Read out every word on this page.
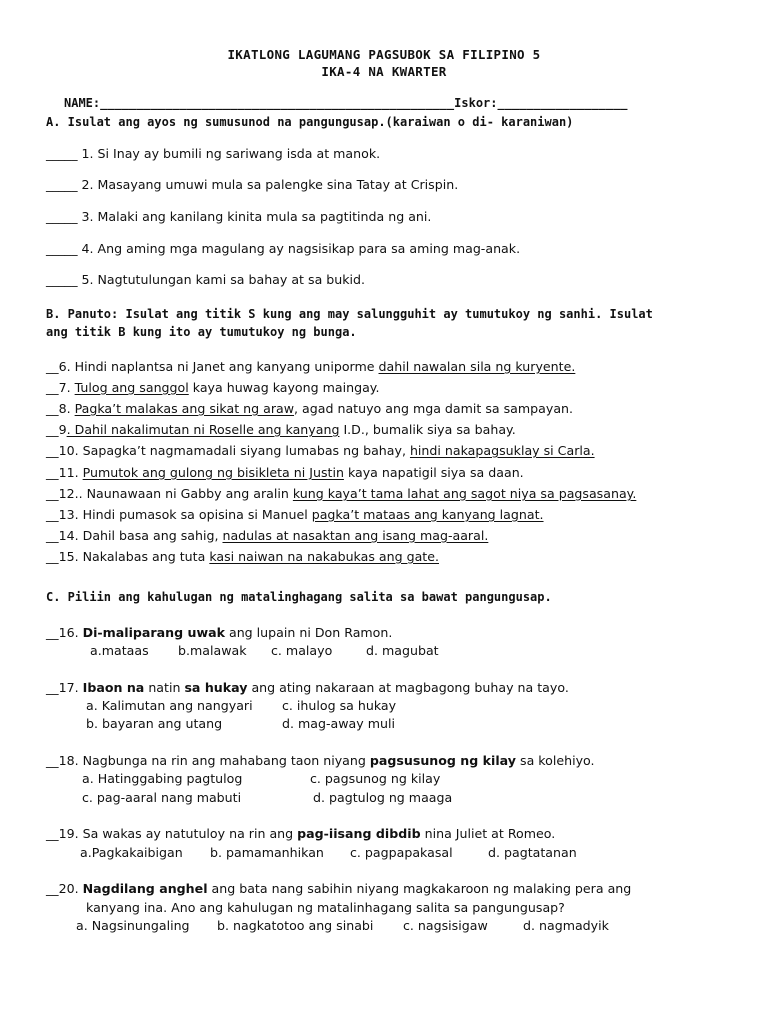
IKATLONG LAGUMANG PAGSUBOK SA FILIPINO 5
IKA-4 NA KWARTER
NAME:_________________________________________________Iskor:__________________
A. Isulat ang ayos ng sumusunod na pangungusap.(karaiwan o di- karaniwan)
_____ 1. Si Inay ay bumili ng sariwang isda at manok.
_____ 2. Masayang umuwi mula sa palengke sina Tatay at Crispin.
_____ 3. Malaki ang kanilang kinita mula sa pagtitinda ng ani.
_____ 4. Ang aming mga magulang ay nagsisikap para sa aming mag-anak.
_____ 5. Nagtutulungan kami sa bahay at sa bukid.
B. Panuto: Isulat ang titik S kung ang may salungguhit ay tumutukoy ng sanhi. Isulat
ang titik B kung ito ay tumutukoy ng bunga.
__6. Hindi naplantsa ni Janet ang kanyang uniporme dahil nawalan sila ng kuryente.
__7. Tulog ang sanggol kaya huwag kayong maingay.
__8. Pagka’t malakas ang sikat ng araw, agad natuyo ang mga damit sa sampayan.
__9. Dahil nakalimutan ni Roselle ang kanyang I.D., bumalik siya sa bahay.
__10. Sapagka’t nagmamadali siyang lumabas ng bahay, hindi nakapagsuklay si Carla.
__11. Pumutok ang gulong ng bisikleta ni Justin kaya napatigil siya sa daan.
__12.. Naunawaan ni Gabby ang aralin kung kaya’t tama lahat ang sagot niya sa pagsasanay.
__13. Hindi pumasok sa opisina si Manuel pagka’t mataas ang kanyang lagnat.
__14. Dahil basa ang sahig, nadulas at nasaktan ang isang mag-aaral.
__15. Nakalabas ang tuta kasi naiwan na nakabukas ang gate.
C. Piliin ang kahulugan ng matalinghagang salita sa bawat pangungusap.
__16. Di-maliparang uwak ang lupain ni Don Ramon.
a.mataas b.malawak c. malayo	d. magubat
__17. Ibaon na natin sa hukay ang ating nakaraan at magbagong buhay na tayo.
a. Kalimutan ang nangyari c. ihulog sa hukay
b. bayaran ang utang	d. mag-away muli
__18. Nagbunga na rin ang mahabang taon niyang pagsusunog ng kilay sa kolehiyo.
a. Hatinggabing pagtulog	c. pagsunog ng kilay
c. pag-aaral nang mabuti	d. pagtulog ng maaga
__19. Sa wakas ay natutuloy na rin ang pag-iisang dibdib nina Juliet at Romeo.
a.Pagkakaibigan b. pamamanhikan c. pagpapakasal	d. pagtatanan
__20. Nagdilang anghel ang bata nang sabihin niyang magkakaroon ng malaking pera ang
kanyang ina. Ano ang kahulugan ng matalinhagang salita sa pangungusap?
a. Nagsinungaling b. nagkatotoo ang sinabi c. nagsisigaw	d. nagmadyik
